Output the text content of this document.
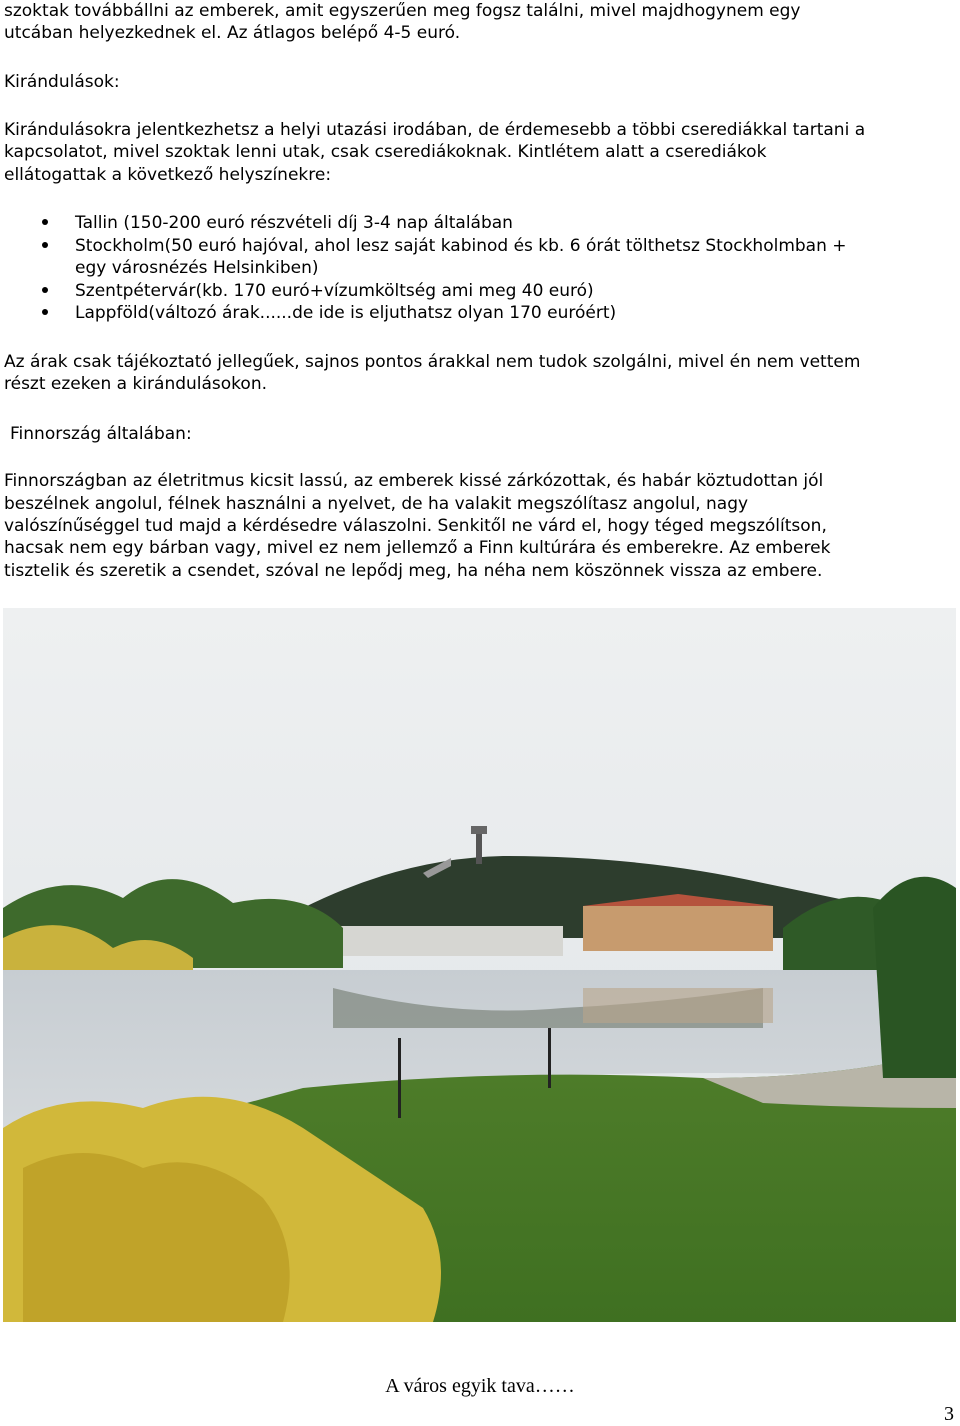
szoktak továbbállni az emberek, amit egyszerűen meg fogsz találni, mivel majdhogynem egy

utcában helyezkednek el. Az átlagos belépő 4-5 euró.

Kirándulások:

Kirándulásokra jelentkezhetsz a helyi utazási irodában, de érdemesebb a többi cserediákkal tartani a

kapcsolatot, mivel szoktak lenni utak, csak cserediákoknak. Kintlétem alatt a cserediákok

ellátogattak a következő helyszínekre:

Tallin (150-200 euró részvételi díj 3-4 nap általában
Stockholm(50 euró hajóval, ahol lesz saját kabinod és kb. 6 órát tölthetsz Stockholmban +
egy városnézés Helsinkiben)
Szentpétervár(kb. 170 euró+vízumköltség ami meg 40 euró)
Lappföld(változó árak......de ide is eljuthatsz olyan 170 euróért)

Az árak csak tájékoztató jellegűek, sajnos pontos árakkal nem tudok szolgálni, mivel én nem vettem

részt ezeken a kirándulásokon.

Finnország általában:

Finnországban az életritmus kicsit lassú, az emberek kissé zárkózottak, és habár köztudottan jól

beszélnek angolul, félnek használni a nyelvet, de ha valakit megszólítasz angolul, nagy

valószínűséggel tud majd a kérdésedre válaszolni. Senkitől ne várd el, hogy téged megszólítson,

hacsak nem egy bárban vagy, mivel ez nem jellemző a Finn kultúrára és emberekre. Az emberek

tisztelik és szeretik a csendet, szóval ne lepődj meg, ha néha nem köszönnek vissza az embere.

A város egyik tava……
3
